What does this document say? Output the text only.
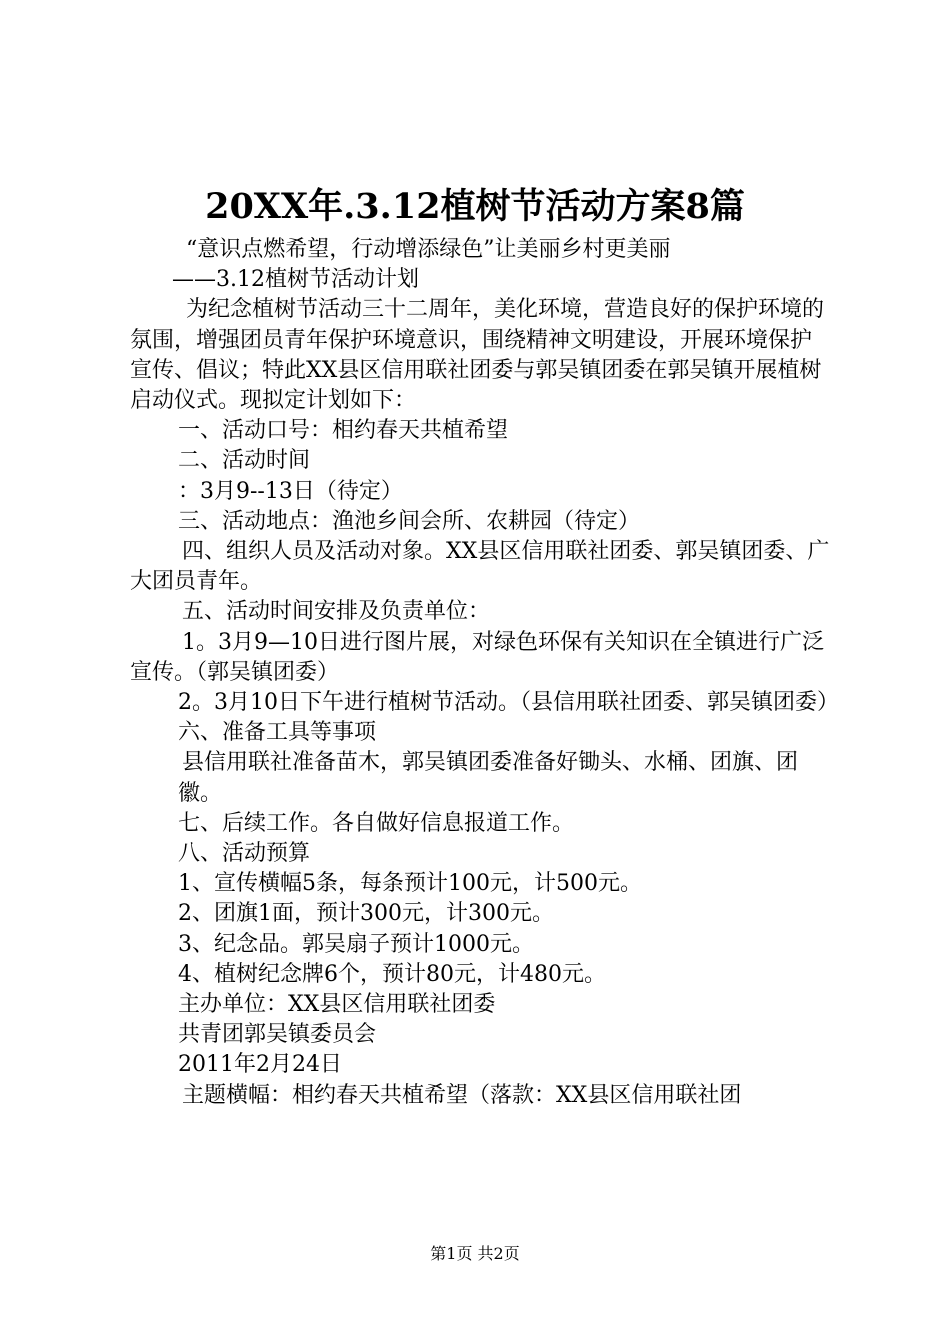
20XX年.3.12植树节活动方案8篇

“意识点燃希望，行动增添绿色”让美丽乡村更美丽

——3.12植树节活动计划

为纪念植树节活动三十二周年，美化环境，营造良好的保护环境的氛围，增强团员青年保护环境意识，围绕精神文明建设，开展环境保护宣传、倡议；特此XX县区信用联社团委与郭吴镇团委在郭吴镇开展植树启动仪式。现拟定计划如下：

一、活动口号：相约春天共植希望

二、活动时间

：3月9--13日（待定）

三、活动地点：渔池乡间会所、农耕园（待定）

四、组织人员及活动对象。XX县区信用联社团委、郭吴镇团委、广大团员青年。

五、活动时间安排及负责单位：

1。3月9—10日进行图片展，对绿色环保有关知识在全镇进行广泛宣传。（郭吴镇团委）

2。3月10日下午进行植树节活动。（县信用联社团委、郭吴镇团委）

六、准备工具等事项

县信用联社准备苗木，郭吴镇团委准备好锄头、水桶、团旗、团

徽。

七、后续工作。各自做好信息报道工作。

八、活动预算

1、宣传横幅5条，每条预计100元，计500元。

2、团旗1面，预计300元，计300元。

3、纪念品。郭吴扇子预计1000元。

4、植树纪念牌6个，预计80元，计480元。

主办单位：XX县区信用联社团委

共青团郭吴镇委员会

2011年2月24日

主题横幅：相约春天共植希望（落款：XX县区信用联社团

第1页 共2页
